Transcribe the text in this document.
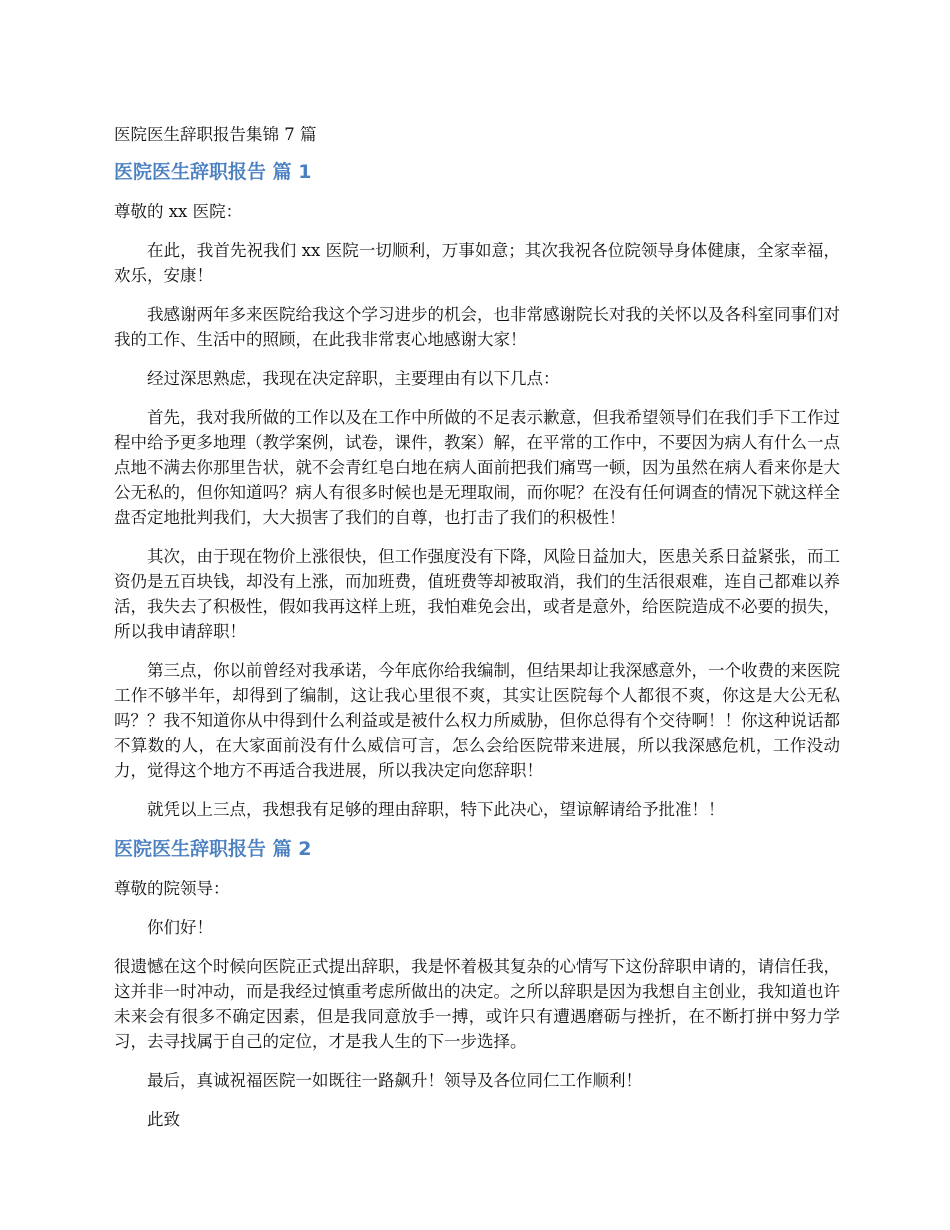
医院医生辞职报告集锦 7 篇

医院医生辞职报告 篇 1

尊敬的 xx 医院：

在此，我首先祝我们 xx 医院一切顺利，万事如意；其次我祝各位院领导身体健康，全家幸福，欢乐，安康！

我感谢两年多来医院给我这个学习进步的机会，也非常感谢院长对我的关怀以及各科室同事们对我的工作、生活中的照顾，在此我非常衷心地感谢大家！

经过深思熟虑，我现在决定辞职，主要理由有以下几点：

首先，我对我所做的工作以及在工作中所做的不足表示歉意，但我希望领导们在我们手下工作过程中给予更多地理（教学案例，试卷，课件，教案）解，在平常的工作中，不要因为病人有什么一点点地不满去你那里告状，就不会青红皂白地在病人面前把我们痛骂一顿，因为虽然在病人看来你是大公无私的，但你知道吗？病人有很多时候也是无理取闹，而你呢？在没有任何调查的情况下就这样全盘否定地批判我们，大大损害了我们的自尊，也打击了我们的积极性！

其次，由于现在物价上涨很快，但工作强度没有下降，风险日益加大，医患关系日益紧张，而工资仍是五百块钱，却没有上涨，而加班费，值班费等却被取消，我们的生活很艰难，连自己都难以养活，我失去了积极性，假如我再这样上班，我怕难免会出，或者是意外，给医院造成不必要的损失，所以我申请辞职！

第三点，你以前曾经对我承诺，今年底你给我编制，但结果却让我深感意外，一个收费的来医院工作不够半年，却得到了编制，这让我心里很不爽，其实让医院每个人都很不爽，你这是大公无私吗？？我不知道你从中得到什么利益或是被什么权力所威胁，但你总得有个交待啊！！你这种说话都不算数的人，在大家面前没有什么威信可言，怎么会给医院带来进展，所以我深感危机，工作没动力，觉得这个地方不再适合我进展，所以我决定向您辞职！

就凭以上三点，我想我有足够的理由辞职，特下此决心，望谅解请给予批准！！

医院医生辞职报告 篇 2

尊敬的院领导：

你们好！

很遗憾在这个时候向医院正式提出辞职，我是怀着极其复杂的心情写下这份辞职申请的，请信任我，这并非一时冲动，而是我经过慎重考虑所做出的决定。之所以辞职是因为我想自主创业，我知道也许未来会有很多不确定因素，但是我同意放手一搏，或许只有遭遇磨砺与挫折，在不断打拼中努力学习，去寻找属于自己的定位，才是我人生的下一步选择。

最后，真诚祝福医院一如既往一路飙升！领导及各位同仁工作顺利！

此致
